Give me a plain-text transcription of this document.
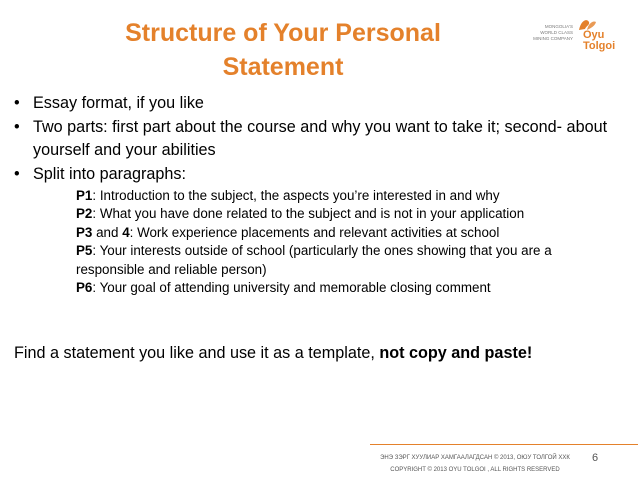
Structure of Your Personal
Statement
MONGOLIA'S
WORLD CLASS
MINING COMPANY Oyu
Tolgoi
• Essay format, if you like
• Two parts: first part about the course and why you want to take it; second- about yourself and your abilities
• Split into paragraphs:

P1: Introduction to the subject, the aspects you’re interested in and why

P2: What you have done related to the subject and is not in your application

P3 and 4: Work experience placements and relevant activities at school

P5: Your interests outside of school (particularly the ones showing that you are a responsible and reliable person)

P6: Your goal of attending university and memorable closing comment

Find a statement you like and use it as a template, not copy and paste!
ЭНЭ ЗЭРГ ХУУЛИАР ХАМГААЛАГДСАН © 2013, ОЮУ ТОЛГОЙ ХХК
COPYRIGHT © 2013 OYU TOLGOI , ALL RIGHTS RESERVED
6
